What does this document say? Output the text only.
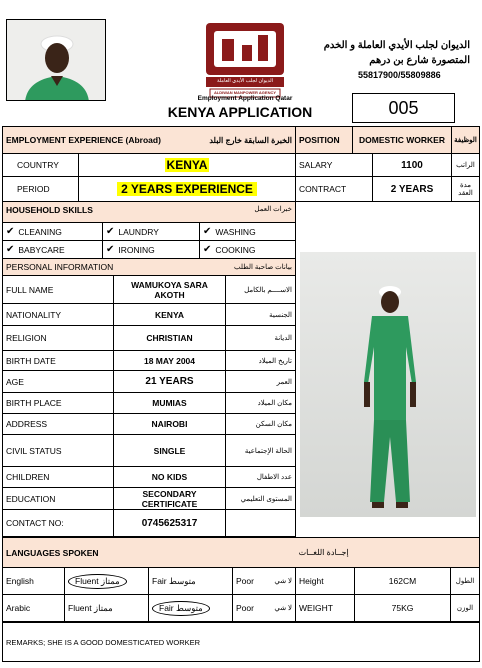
الديوان لجلب الأيدي العاملة
ALDIWAN MANPOWER AGENCY
الديوان لجلب الأيدي العاملة و الخدم
المتصورة شارع بن درهم
55817900/55809886
Employment Application Qatar
KENYA APPLICATION	005
EMPLOYMENT EXPERIENCE (Abroad)	الخبرة السابقة خارج البلد POSITION	DOMESTIC WORKER	الوظيفة
COUNTRY	KENYA
PERIOD	2 YEARS EXPERIENCE
SALARY	1100	الراتب
CONTRACT	2 YEARS	مدة العقد
HOUSEHOLD SKILLS	خبرات العمل
✔ CLEANING	✔ LAUNDRY	✔ WASHING
✔ BABYCARE	✔ IRONING	✔ COOKING
PERSONAL INFORMATION	بيانات صاحبة الطلب
FULL NAME	WAMUKOYA SARA AKOTH	الاســــم بالكامل
NATIONALITY	KENYA	الجنسية
RELIGION	CHRISTIAN	الديانة
BIRTH DATE	18 MAY 2004	تاريخ الميلاد
AGE	21 YEARS	العمر
BIRTH PLACE	MUMIAS	مكان الميلاد
ADDRESS	NAIROBI	مكان السكن
CIVIL STATUS	SINGLE	الحالة الإجتماعية
CHILDREN	NO KIDS	عدد الاطفال
EDUCATION	SECONDARY CERTIFICATE	المستوى التعليمي
CONTACT NO:	0745625317
LANGUAGES SPOKEN	إجــادة اللغــات
English	Fluent ممتاز	Fair متوسط	Poor	لا شي Height	162CM	الطول
Arabic	Fluent ممتاز	Fair متوسط	Poor	لا شي WEIGHT	75KG	الوزن
REMARKS; SHE IS A GOOD DOMESTICATED WORKER
